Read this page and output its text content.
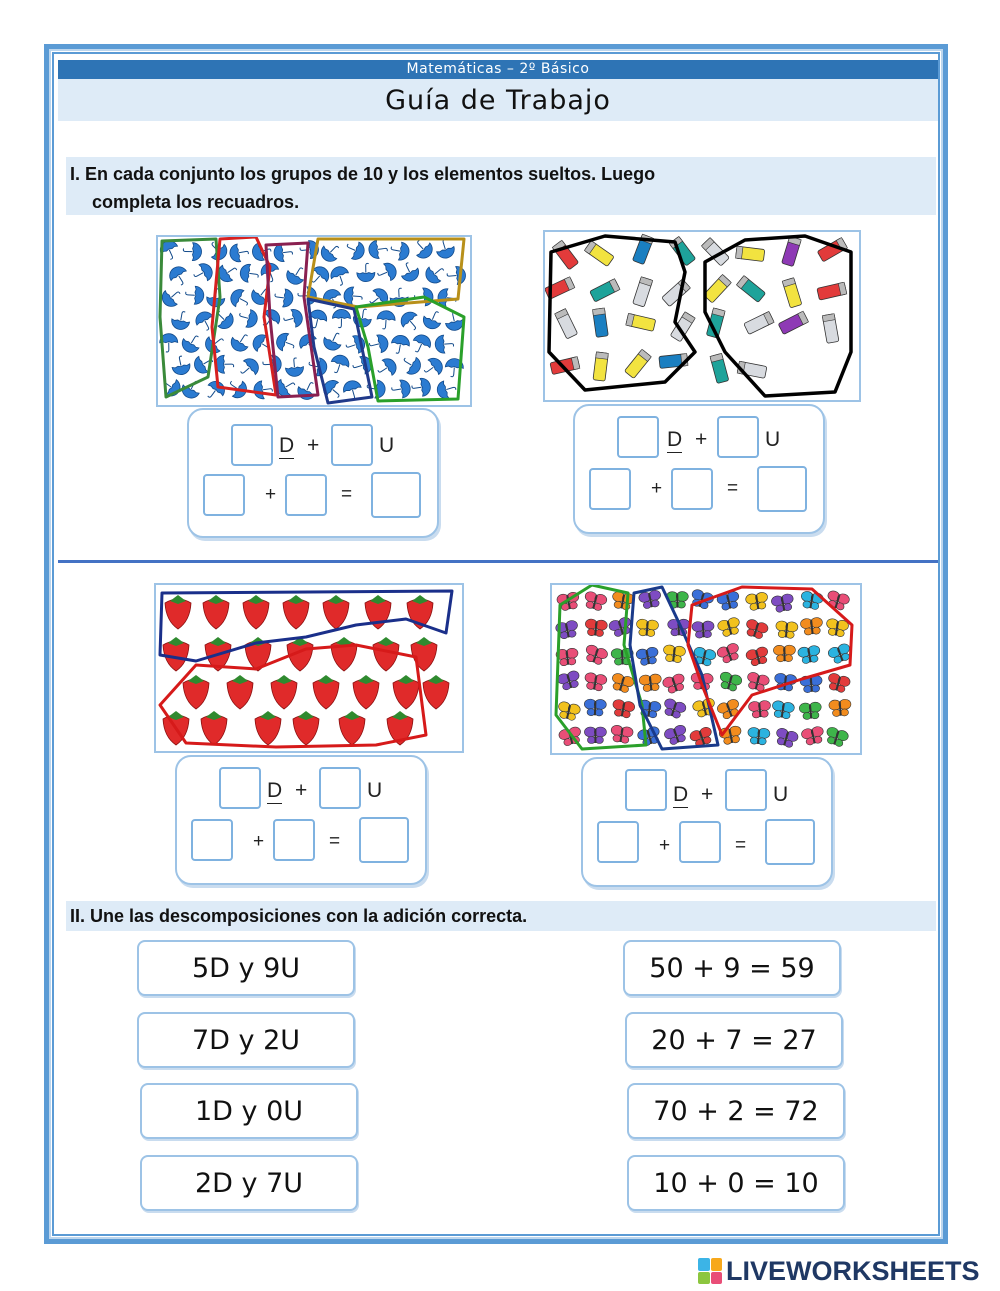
Matemáticas – 2º Básico
Guía de Trabajo
I. En cada conjunto los grupos de 10 y los elementos sueltos. Luego
completa los recuadros.
D +	U
+	=
D +	U
+	=
D +	U
+	=
D +	U
+	=
II. Une las descomposiciones con la adición correcta.
5D y 9U
7D y 2U
1D y 0U
2D y 7U
50 + 9 = 59
20 + 7 = 27
70 + 2 = 72
10 + 0 = 10
LIVEWORKSHEETS
